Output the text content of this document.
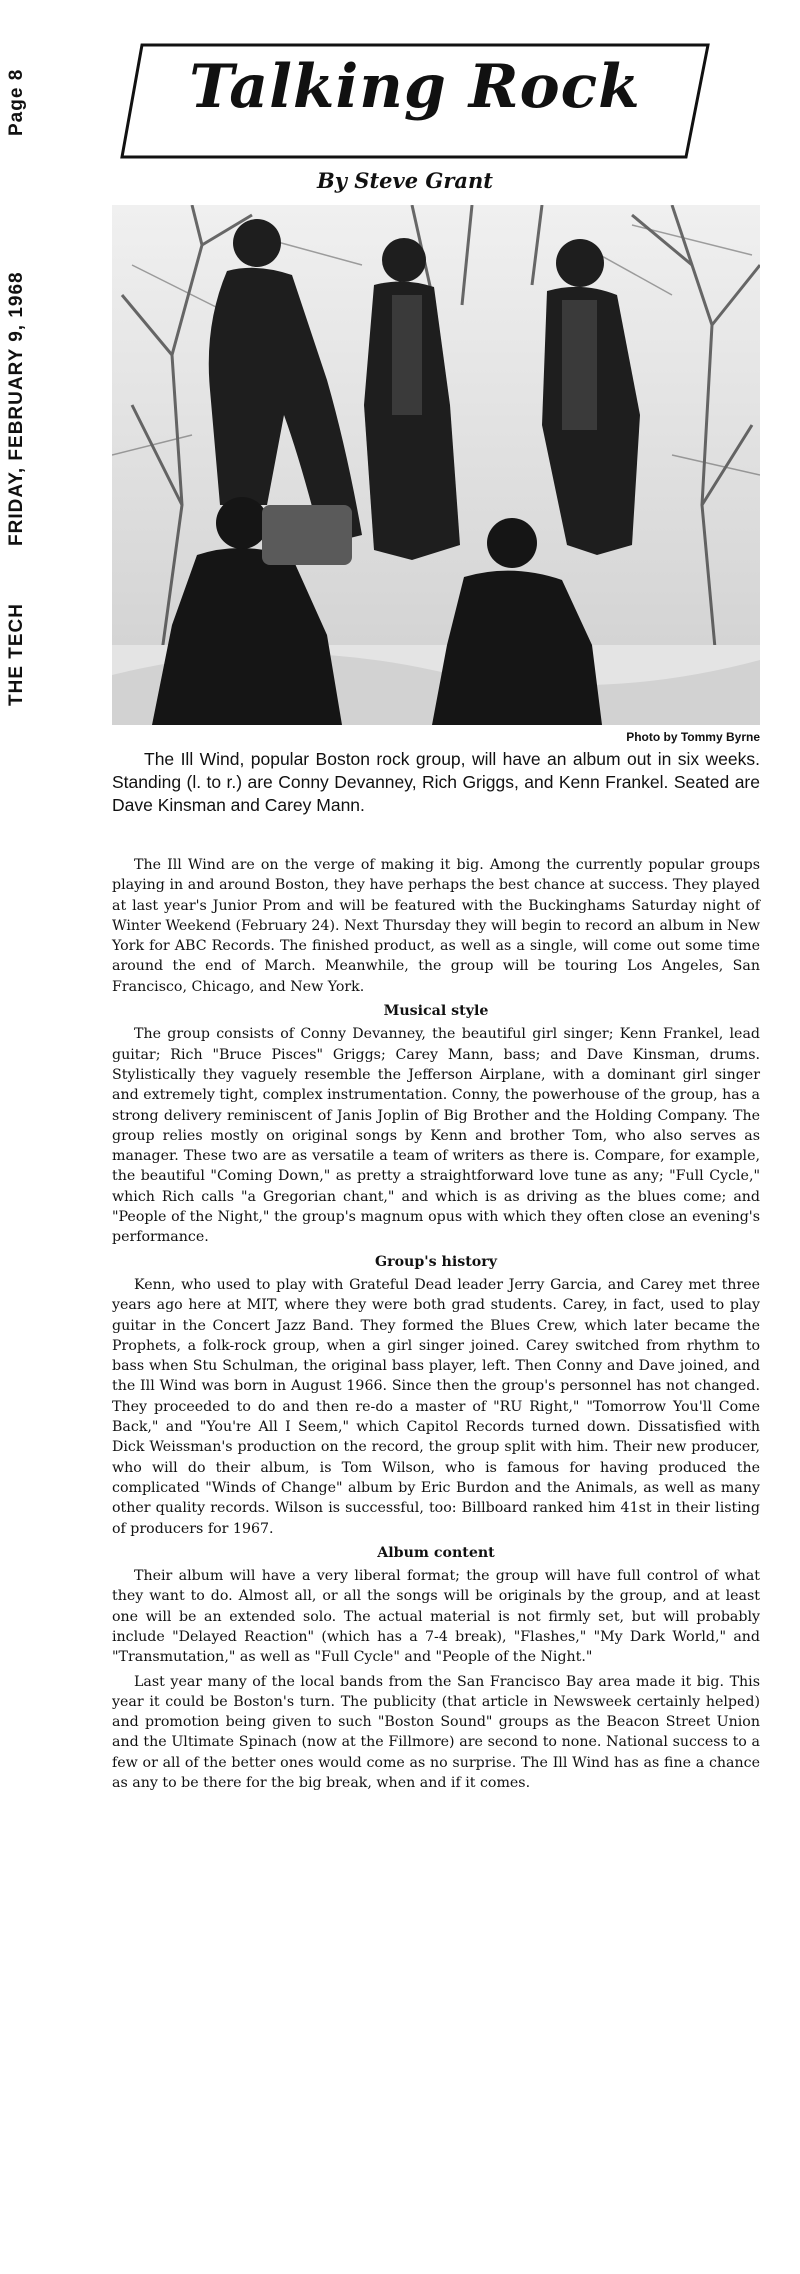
Page 8
FRIDAY, FEBRUARY 9, 1968
THE TECH
Talking Rock
By Steve Grant
Photo by Tommy Byrne
The Ill Wind, popular Boston rock group, will have an album out in six weeks. Standing (l. to r.) are Conny Devanney, Rich Griggs, and Kenn Frankel. Seated are Dave Kinsman and Carey Mann.

The Ill Wind are on the verge of making it big. Among the currently popular groups playing in and around Boston, they have perhaps the best chance at success. They played at last year's Junior Prom and will be featured with the Buckinghams Saturday night of Winter Weekend (February 24). Next Thursday they will begin to record an album in New York for ABC Records. The finished product, as well as a single, will come out some time around the end of March. Meanwhile, the group will be touring Los Angeles, San Francisco, Chicago, and New York.

Musical style

The group consists of Conny Devanney, the beautiful girl singer; Kenn Frankel, lead guitar; Rich "Bruce Pisces" Griggs; Carey Mann, bass; and Dave Kinsman, drums. Stylistically they vaguely resemble the Jefferson Airplane, with a dominant girl singer and extremely tight, complex instrumentation. Conny, the powerhouse of the group, has a strong delivery reminiscent of Janis Joplin of Big Brother and the Holding Company. The group relies mostly on original songs by Kenn and brother Tom, who also serves as manager. These two are as versatile a team of writers as there is. Compare, for example, the beautiful "Coming Down," as pretty a straightforward love tune as any; "Full Cycle," which Rich calls "a Gregorian chant," and which is as driving as the blues come; and "People of the Night," the group's magnum opus with which they often close an evening's performance.

Group's history

Kenn, who used to play with Grateful Dead leader Jerry Garcia, and Carey met three years ago here at MIT, where they were both grad students. Carey, in fact, used to play guitar in the Concert Jazz Band. They formed the Blues Crew, which later became the Prophets, a folk-rock group, when a girl singer joined. Carey switched from rhythm to bass when Stu Schulman, the original bass player, left. Then Conny and Dave joined, and the Ill Wind was born in August 1966. Since then the group's personnel has not changed. They proceeded to do and then re-do a master of "RU Right," "Tomorrow You'll Come Back," and "You're All I Seem," which Capitol Records turned down. Dissatisfied with Dick Weissman's production on the record, the group split with him. Their new producer, who will do their album, is Tom Wilson, who is famous for having produced the complicated "Winds of Change" album by Eric Burdon and the Animals, as well as many other quality records. Wilson is successful, too: Billboard ranked him 41st in their listing of producers for 1967.

Album content

Their album will have a very liberal format; the group will have full control of what they want to do. Almost all, or all the songs will be originals by the group, and at least one will be an extended solo. The actual material is not firmly set, but will probably include "Delayed Reaction" (which has a 7-4 break), "Flashes," "My Dark World," and "Transmutation," as well as "Full Cycle" and "People of the Night."

Last year many of the local bands from the San Francisco Bay area made it big. This year it could be Boston's turn. The publicity (that article in Newsweek certainly helped) and promotion being given to such "Boston Sound" groups as the Beacon Street Union and the Ultimate Spinach (now at the Fillmore) are second to none. National success to a few or all of the better ones would come as no surprise. The Ill Wind has as fine a chance as any to be there for the big break, when and if it comes.
